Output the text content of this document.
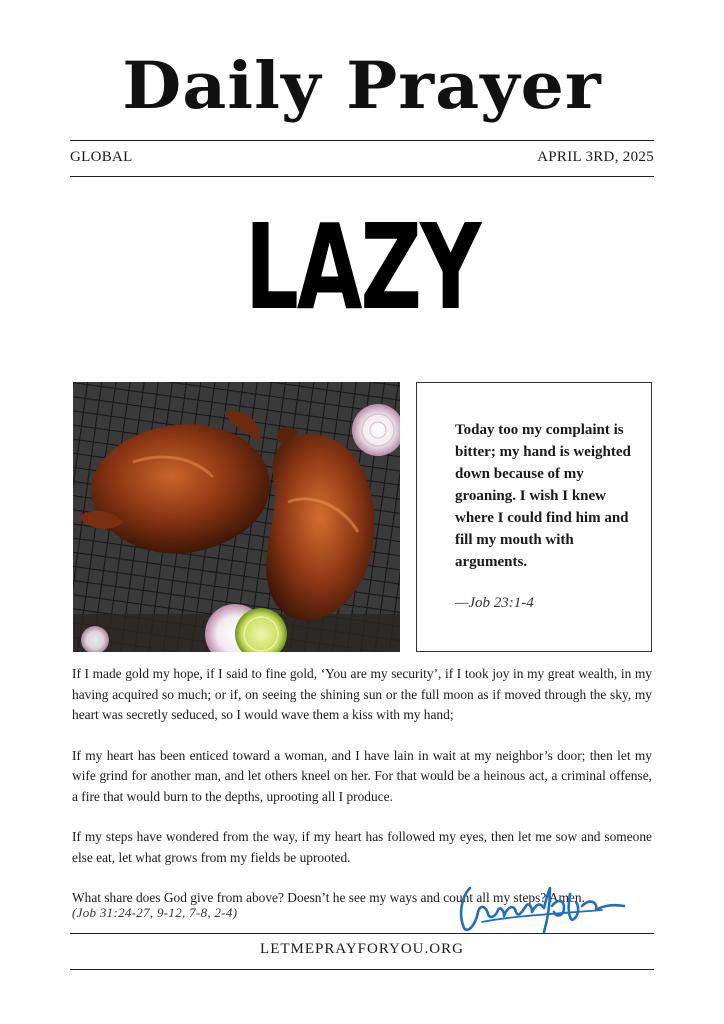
Daily Prayer
GLOBAL	APRIL 3RD, 2025
LAZY
Today too my complaint is bitter; my hand is weighted down because of my groaning. I wish I knew where I could find him and fill my mouth with arguments.
—Job 23:1-4

If I made gold my hope, if I said to fine gold, ‘You are my security’, if I took joy in my great wealth, in my having acquired so much; or if, on seeing the shining sun or the full moon as if moved through the sky, my heart was secretly seduced, so I would wave them a kiss with my hand;

If my heart has been enticed toward a woman, and I have lain in wait at my neighbor’s door; then let my wife grind for another man, and let others kneel on her. For that would be a heinous act, a criminal offense, a fire that would burn to the depths, uprooting all I produce.

If my steps have wondered from the way, if my heart has followed my eyes, then let me sow and someone else eat, let what grows from my fields be uprooted.

What share does God give from above? Doesn’t he see my ways and count all my steps? Amen.

(Job 31:24-27, 9-12, 7-8, 2-4)
LETMEPRAYFORYOU.ORG
